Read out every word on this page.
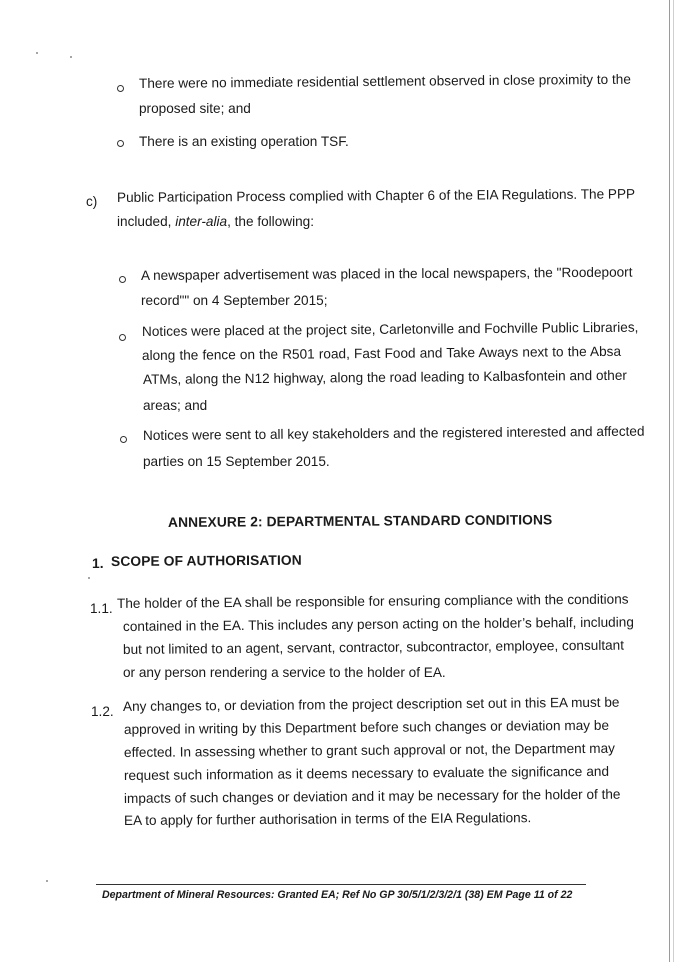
There were no immediate residential settlement observed in close proximity to the
proposed site; and
There is an existing operation TSF.
c) Public Participation Process complied with Chapter 6 of the EIA Regulations. The PPP
included, inter-alia, the following:
A newspaper advertisement was placed in the local newspapers, the "Roodepoort
record"" on 4 September 2015;
Notices were placed at the project site, Carletonville and Fochville Public Libraries,
along the fence on the R501 road, Fast Food and Take Aways next to the Absa
ATMs, along the N12 highway, along the road leading to Kalbasfontein and other
areas; and
Notices were sent to all key stakeholders and the registered interested and affected
parties on 15 September 2015.
ANNEXURE 2: DEPARTMENTAL STANDARD CONDITIONS
1. SCOPE OF AUTHORISATION
1.1. The holder of the EA shall be responsible for ensuring compliance with the conditions
contained in the EA. This includes any person acting on the holder’s behalf, including
but not limited to an agent, servant, contractor, subcontractor, employee, consultant
or any person rendering a service to the holder of EA.
1.2. Any changes to, or deviation from the project description set out in this EA must be
approved in writing by this Department before such changes or deviation may be
effected. In assessing whether to grant such approval or not, the Department may
request such information as it deems necessary to evaluate the significance and
impacts of such changes or deviation and it may be necessary for the holder of the
EA to apply for further authorisation in terms of the EIA Regulations.
Department of Mineral Resources: Granted EA; Ref No GP 30/5/1/2/3/2/1 (38) EM Page 11 of 22
